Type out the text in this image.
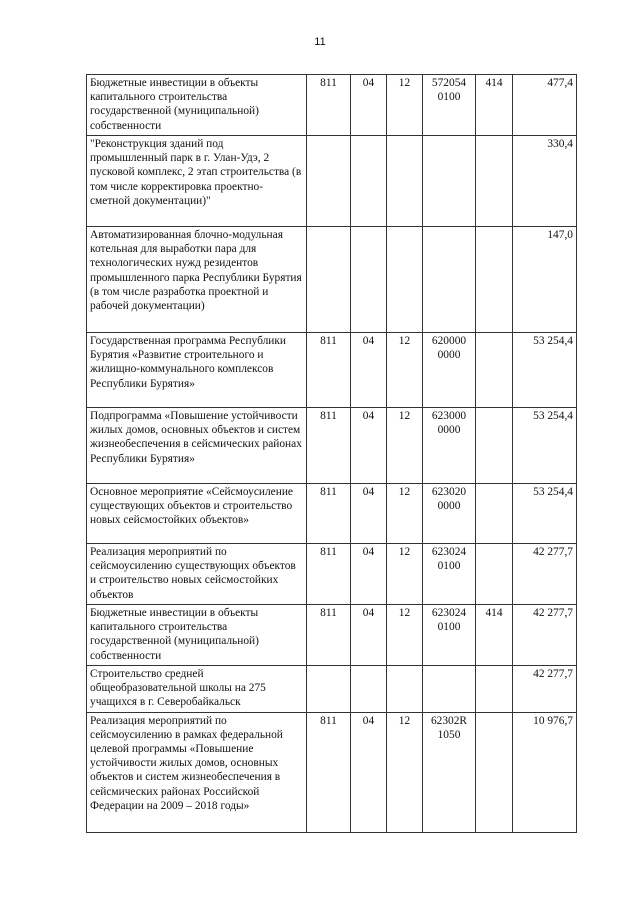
11
Бюджетные инвестиции в объекты капитального строительства государственной (муниципальной) собственности	811	04	12	572054 0100	414	477,4
"Реконструкция зданий под промышленный парк в г. Улан-Удэ, 2 пусковой комплекс, 2 этап строительства (в том числе корректировка проектно-сметной документации)"						330,4
Автоматизированная блочно-модульная котельная для выработки пара для технологических нужд резидентов промышленного парка Республики Бурятия (в том числе разработка проектной и рабочей документации)						147,0
Государственная программа Республики Бурятия «Развитие строительного и жилищно-коммунального комплексов Республики Бурятия»	811	04	12	620000 0000		53 254,4
Подпрограмма «Повышение устойчивости жилых домов, основных объектов и систем жизнеобеспечения в сейсмических районах Республики Бурятия»	811	04	12	623000 0000		53 254,4
Основное мероприятие «Сейсмоусиление существующих объектов и строительство новых сейсмостойких объектов»	811	04	12	623020 0000		53 254,4
Реализация мероприятий по сейсмоусилению существующих объектов и строительство новых сейсмостойких объектов	811	04	12	623024 0100		42 277,7
Бюджетные инвестиции в объекты капитального строительства государственной (муниципальной) собственности	811	04	12	623024 0100	414	42 277,7
Строительство средней общеобразовательной школы на 275 учащихся в г. Северобайкальск						42 277,7
Реализация мероприятий по сейсмоусилению в рамках федеральной целевой программы «Повышение устойчивости жилых домов, основных объектов и систем жизнеобеспечения в сейсмических районах Российской Федерации на 2009 – 2018 годы»	811	04	12	62302R 1050		10 976,7
